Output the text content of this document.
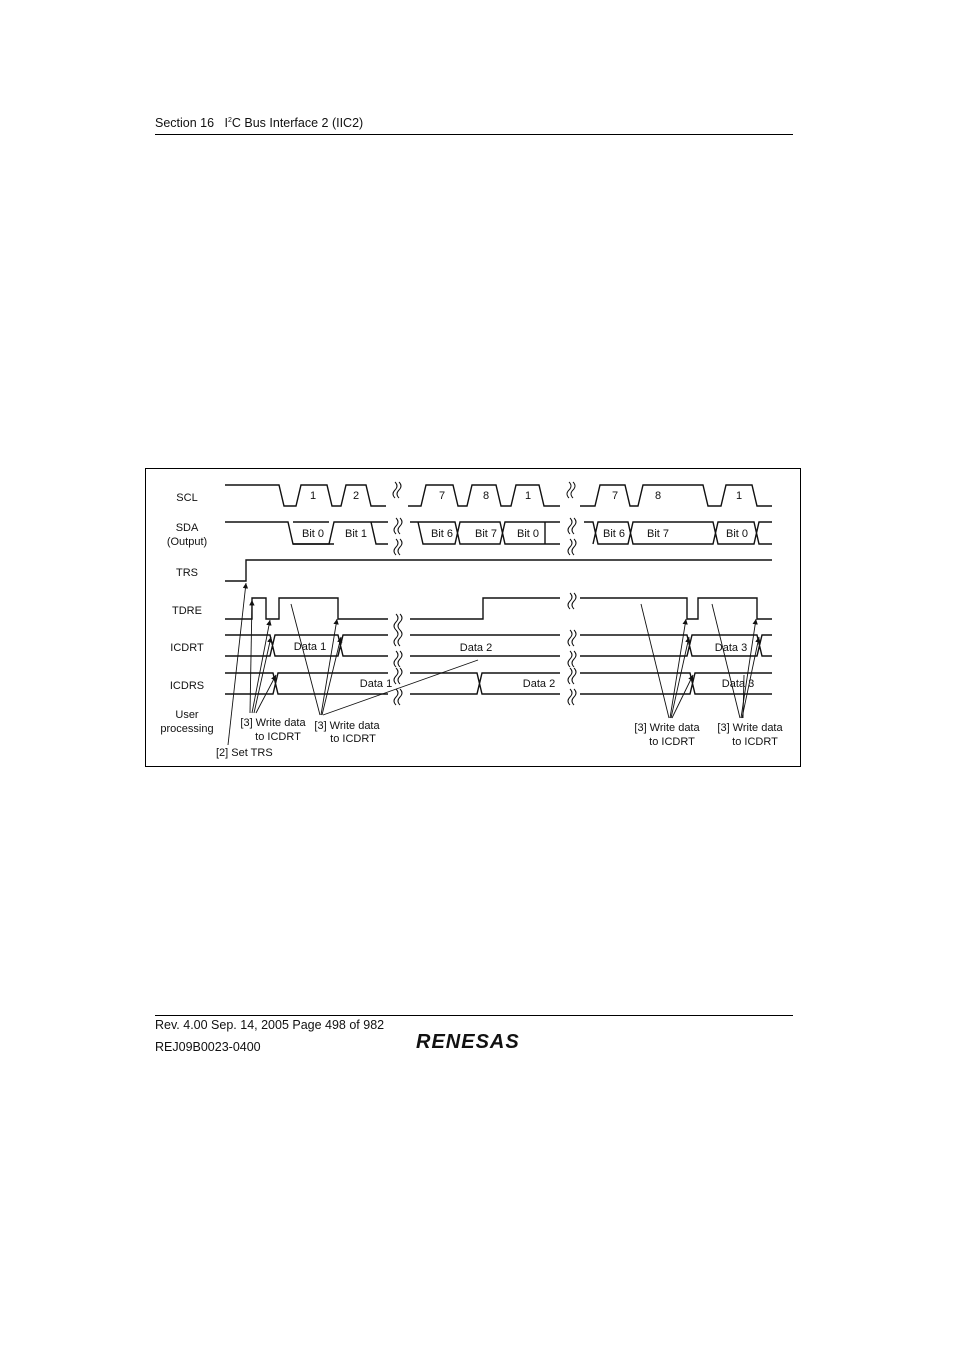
Section 16 $I^2C$ Bus Interface 2 (IIC2)
SCL
SDA
(Output)
TRS
TDRE
ICDRT
ICDRS
User
processing
1	2	7	8	1	7	8	1
Bit 0 Bit 1	Bit 6 Bit 7 Bit 0	Bit 6 Bit 7	Bit 0
Data 1	Data 2	Data 3
Data 1	Data 2	Data 3
[2] Set TRS
[3] Write data
to ICDRT
[3] Write data
to ICDRT
[3] Write data
to ICDRT
[3] Write data
to ICDRT
Rev. 4.00 Sep. 14, 2005 Page 498 of 982
REJ09B0023-0400	RENESAS
